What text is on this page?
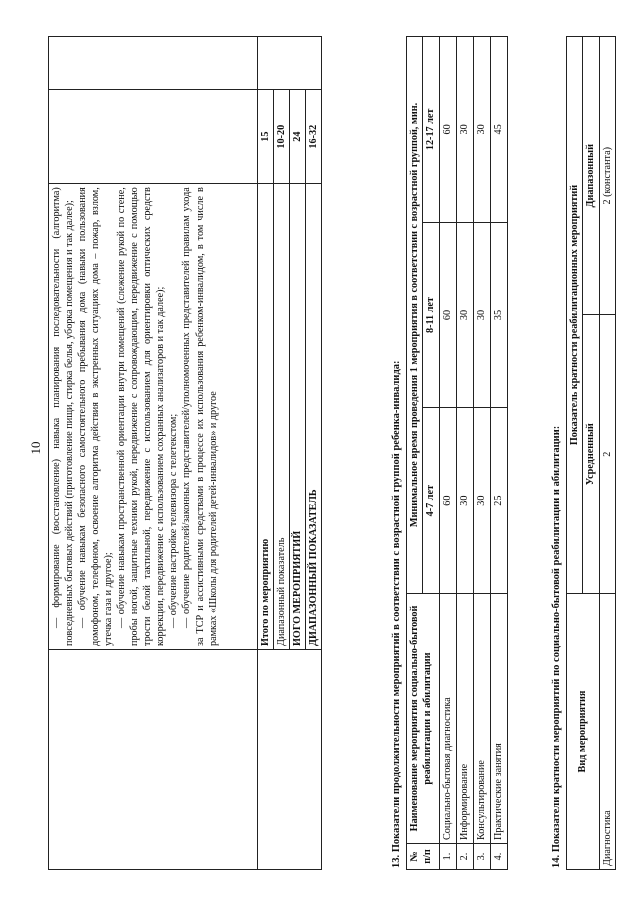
10

	— формирование (восстановление) навыка планирования последовательности (алгоритма) повседневных бытовых действий (приготовление пищи, стирка белья, уборка помещения и так далее); — обучение навыкам безопасного самостоятельного пребывания дома (навыки пользования домофоном, телефоном, освоение алгоритма действия в экстренных ситуациях дома – пожар, взлом, утечка газа и другое); — обучение навыкам пространственной ориентации внутри помещений (слежение рукой по стене, пробы ногой, защитные техники рукой, передвижение с сопровождающим, передвижение с помощью трости белой тактильной, передвижение с использованием для ориентировки оптических средств коррекции, передвижение с использованием сохранных анализаторов и так далее); — обучение настройке телевизора с телетекстом; — обучение родителей/законных представителей/уполномоченных представителей правилам ухода за ТСР и ассистивными средствами в процессе их использования ребенком-инвалидом, в том числе в рамках «Школы для родителей детей-инвалидов» и другое		

	Итого по мероприятию	15	
	Диапазонный показатель	10-20	
	ИОГО МЕРОПРИЯТИЙ	24	
	ДИАПАЗОННЫЙ ПОКАЗАТЕЛЬ	16-32	
13. Показатели продолжительности мероприятий в соответствии с возрастной группой ребенка-инвалида: № п/п	Наименование мероприятия социально-бытовой реабилитации и абилитации	Минимальное время проведения 1 мероприятия в соответствии с возрастной группой, мин.		
		4-7 лет	8-11 лет	12-17 лет
1.	Социально-бытовая диагностика	60	60	60
2.	Информирование	30	30	30
3.	Консультирование	30	30	30
4.	Практические занятия	25	35	45
14. Показатели кратности мероприятий по социально-бытовой реабилитации и абилитации: Вид мероприятия	Показатель кратности реабилитационных мероприятий	
	Усредненный	Диапазонный
Диагностика	2	2 (константа)
